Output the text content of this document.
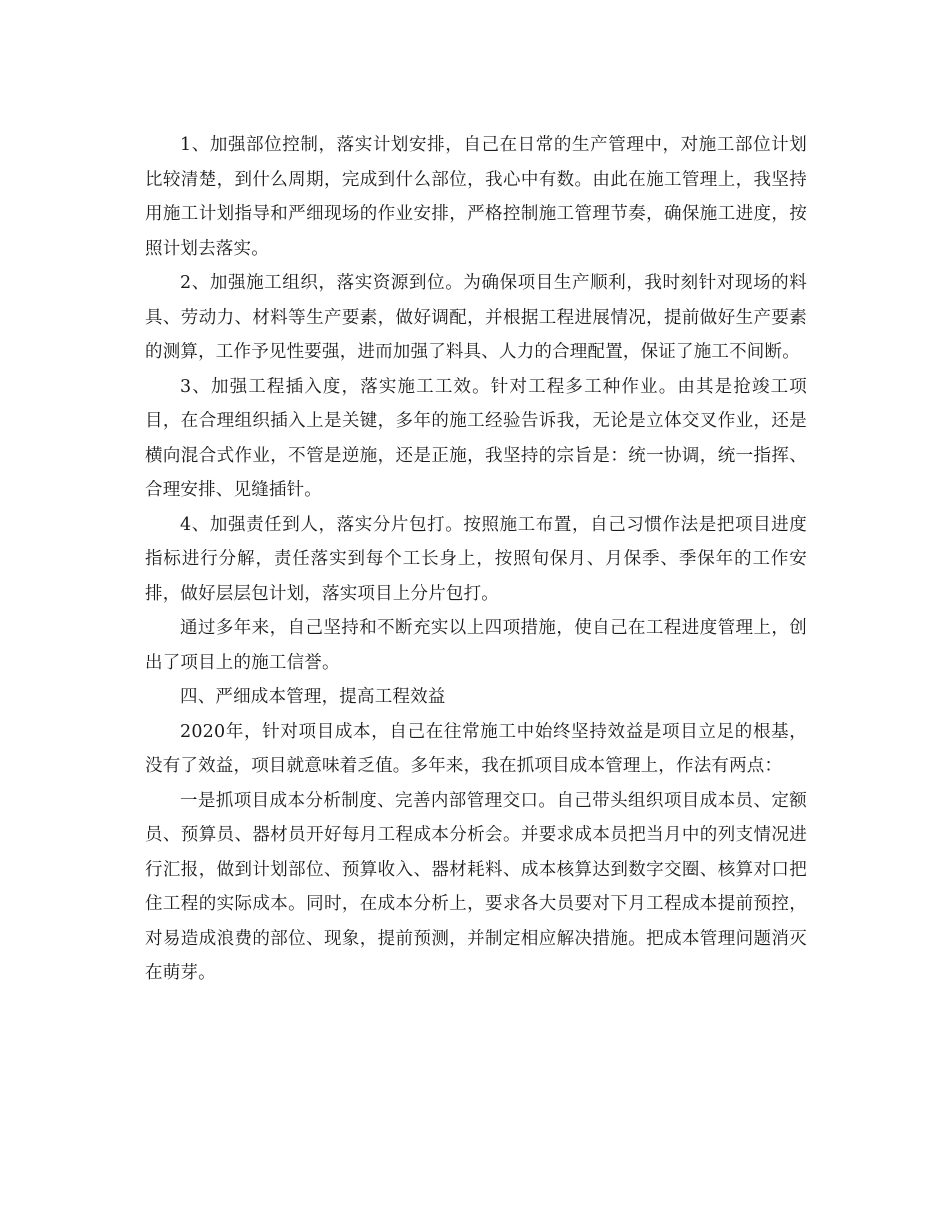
1、加强部位控制，落实计划安排，自己在日常的生产管理中，对施工部位计划比较清楚，到什么周期，完成到什么部位，我心中有数。由此在施工管理上，我坚持用施工计划指导和严细现场的作业安排，严格控制施工管理节奏，确保施工进度，按照计划去落实。

2、加强施工组织，落实资源到位。为确保项目生产顺利，我时刻针对现场的料具、劳动力、材料等生产要素，做好调配，并根据工程进展情况，提前做好生产要素的测算，工作予见性要强，进而加强了料具、人力的合理配置，保证了施工不间断。

3、加强工程插入度，落实施工工效。针对工程多工种作业。由其是抢竣工项目，在合理组织插入上是关键，多年的施工经验告诉我，无论是立体交叉作业，还是横向混合式作业，不管是逆施，还是正施，我坚持的宗旨是：统一协调，统一指挥、合理安排、见缝插针。

4、加强责任到人，落实分片包打。按照施工布置，自己习惯作法是把项目进度指标进行分解，责任落实到每个工长身上，按照旬保月、月保季、季保年的工作安排，做好层层包计划，落实项目上分片包打。

通过多年来，自己坚持和不断充实以上四项措施，使自己在工程进度管理上，创出了项目上的施工信誉。

四、严细成本管理，提高工程效益

2020年，针对项目成本，自己在往常施工中始终坚持效益是项目立足的根基，没有了效益，项目就意味着乏值。多年来，我在抓项目成本管理上，作法有两点：

一是抓项目成本分析制度、完善内部管理交口。自己带头组织项目成本员、定额员、预算员、器材员开好每月工程成本分析会。并要求成本员把当月中的列支情况进行汇报，做到计划部位、预算收入、器材耗料、成本核算达到数字交圈、核算对口把住工程的实际成本。同时，在成本分析上，要求各大员要对下月工程成本提前预控，对易造成浪费的部位、现象，提前预测，并制定相应解决措施。把成本管理问题消灭在萌芽。
